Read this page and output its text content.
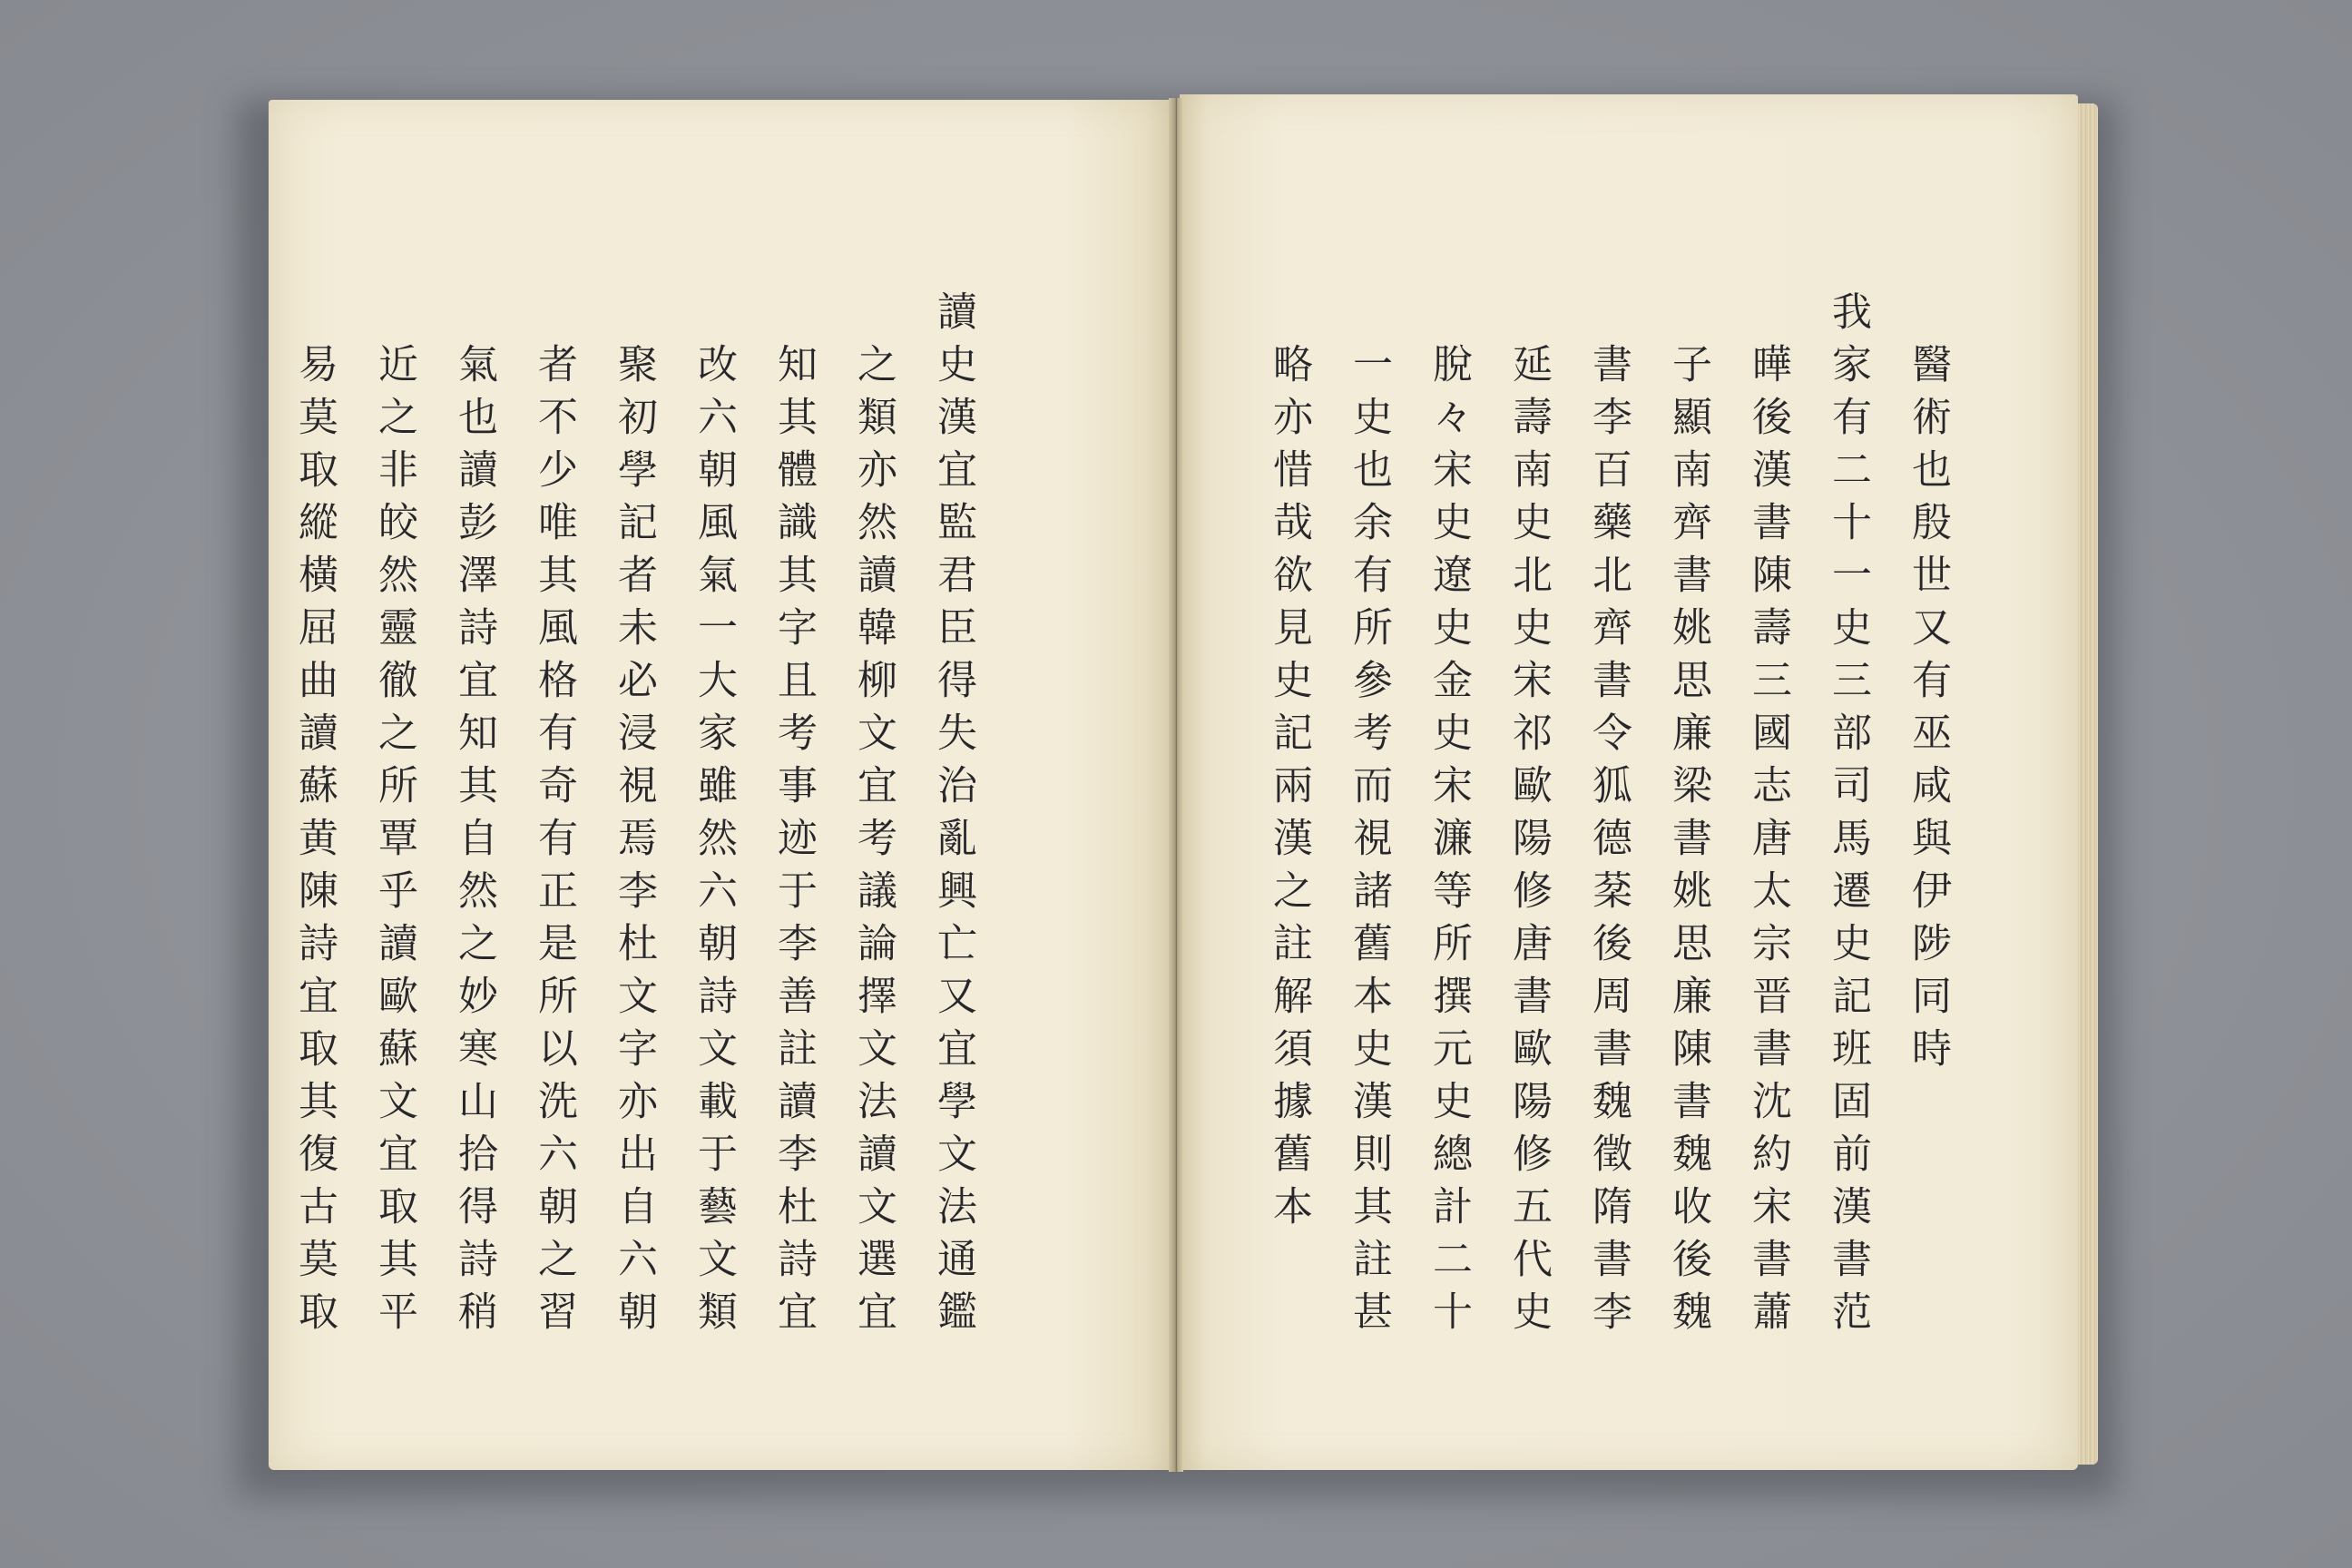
讀史漢宜監君臣得失治亂興亡又宜學文法通鑑
之類亦然讀韓柳文宜考議論擇文法讀文選宜
知其體識其字且考事迹于李善註讀李杜詩宜
改六朝風氣一大家雖然六朝詩文載于藝文類
聚初學記者未必浸視焉李杜文字亦出自六朝
者不少唯其風格有奇有正是所以洗六朝之習
氣也讀彭澤詩宜知其自然之妙寒山拾得詩稍
近之非皎然靈徹之所覃乎讀歐蘇文宜取其平
易莫取縱橫屈曲讀蘇黄陳詩宜取其復古莫取	醫術也殷世又有巫咸與伊陟同時
我家有二十一史三部司馬遷史記班固前漢書范
曄後漢書陳壽三國志唐太宗晋書沈約宋書蕭
子顯南齊書姚思廉梁書姚思廉陳書魏收後魏
書李百藥北齊書令狐德棻後周書魏徵隋書李
延壽南史北史宋祁歐陽修唐書歐陽修五代史
脫々宋史遼史金史宋濂等所撰元史總計二十
一史也余有所參考而視諸舊本史漢則其註甚
略亦惜哉欲見史記兩漢之註解須據舊本
